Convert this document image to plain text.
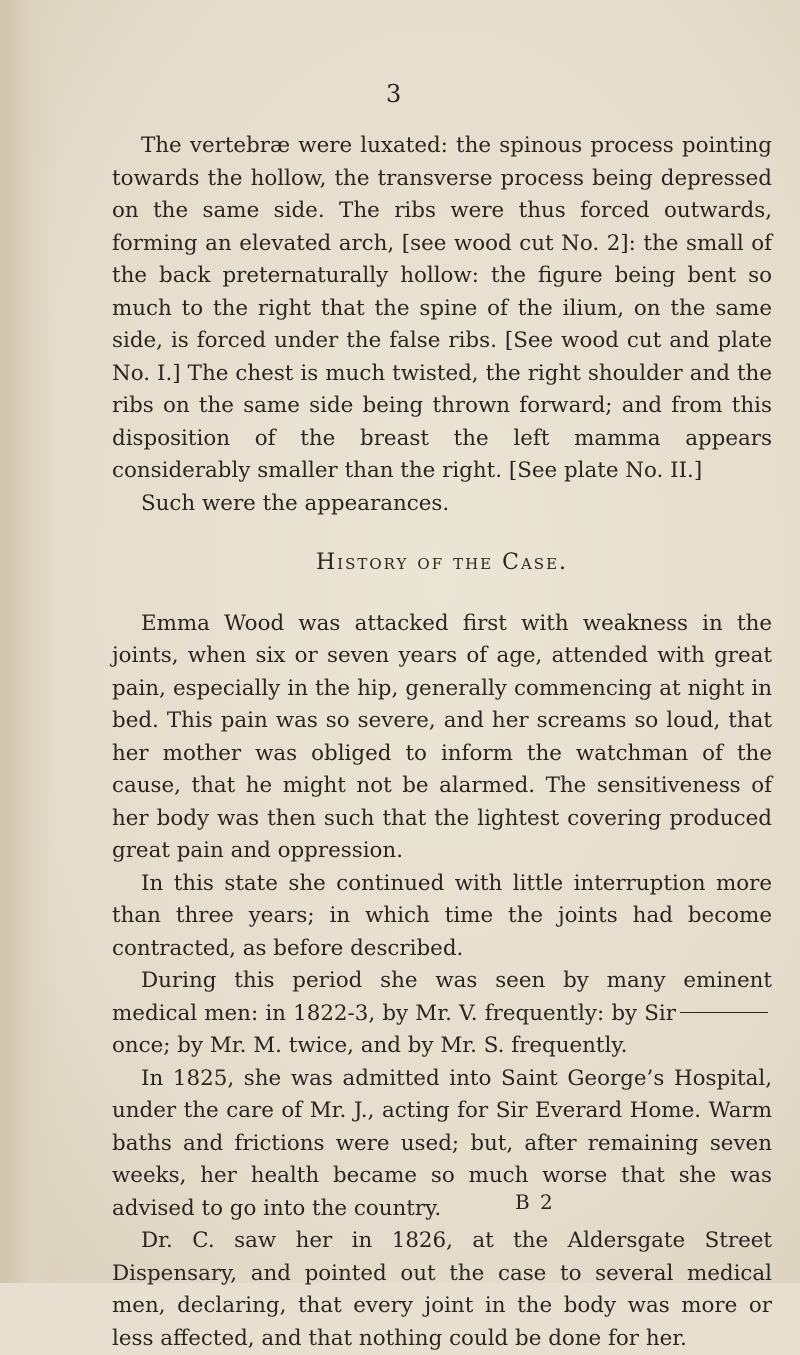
3

The vertebræ were luxated: the spinous process pointing towards the hollow, the transverse process being depressed on the same side. The ribs were thus forced outwards, forming an elevated arch, [see wood cut No. 2]: the small of the back preternaturally hollow: the figure being bent so much to the right that the spine of the ilium, on the same side, is forced under the false ribs. [See wood cut and plate No. I.] The chest is much twisted, the right shoulder and the ribs on the same side being thrown forward; and from this disposition of the breast the left mamma appears considerably smaller than the right. [See plate No. II.]

Such were the appearances.

History of the Case.

Emma Wood was attacked first with weakness in the joints, when six or seven years of age, attended with great pain, especially in the hip, generally commencing at night in bed. This pain was so severe, and her screams so loud, that her mother was obliged to inform the watchman of the cause, that he might not be alarmed. The sensitiveness of her body was then such that the lightest covering produced great pain and oppression.

In this state she continued with little interruption more than three years; in which time the joints had become contracted, as before described.

During this period she was seen by many eminent medical men: in 1822-3, by Mr. V. frequently: by Sironce; by Mr. M. twice, and by Mr. S. frequently.

In 1825, she was admitted into Saint George’s Hospital, under the care of Mr. J., acting for Sir Everard Home. Warm baths and frictions were used; but, after remaining seven weeks, her health became so much worse that she was advised to go into the country.

Dr. C. saw her in 1826, at the Aldersgate Street Dispensary, and pointed out the case to several medical men, declaring, that every joint in the body was more or less affected, and that nothing could be done for her.

B 2
